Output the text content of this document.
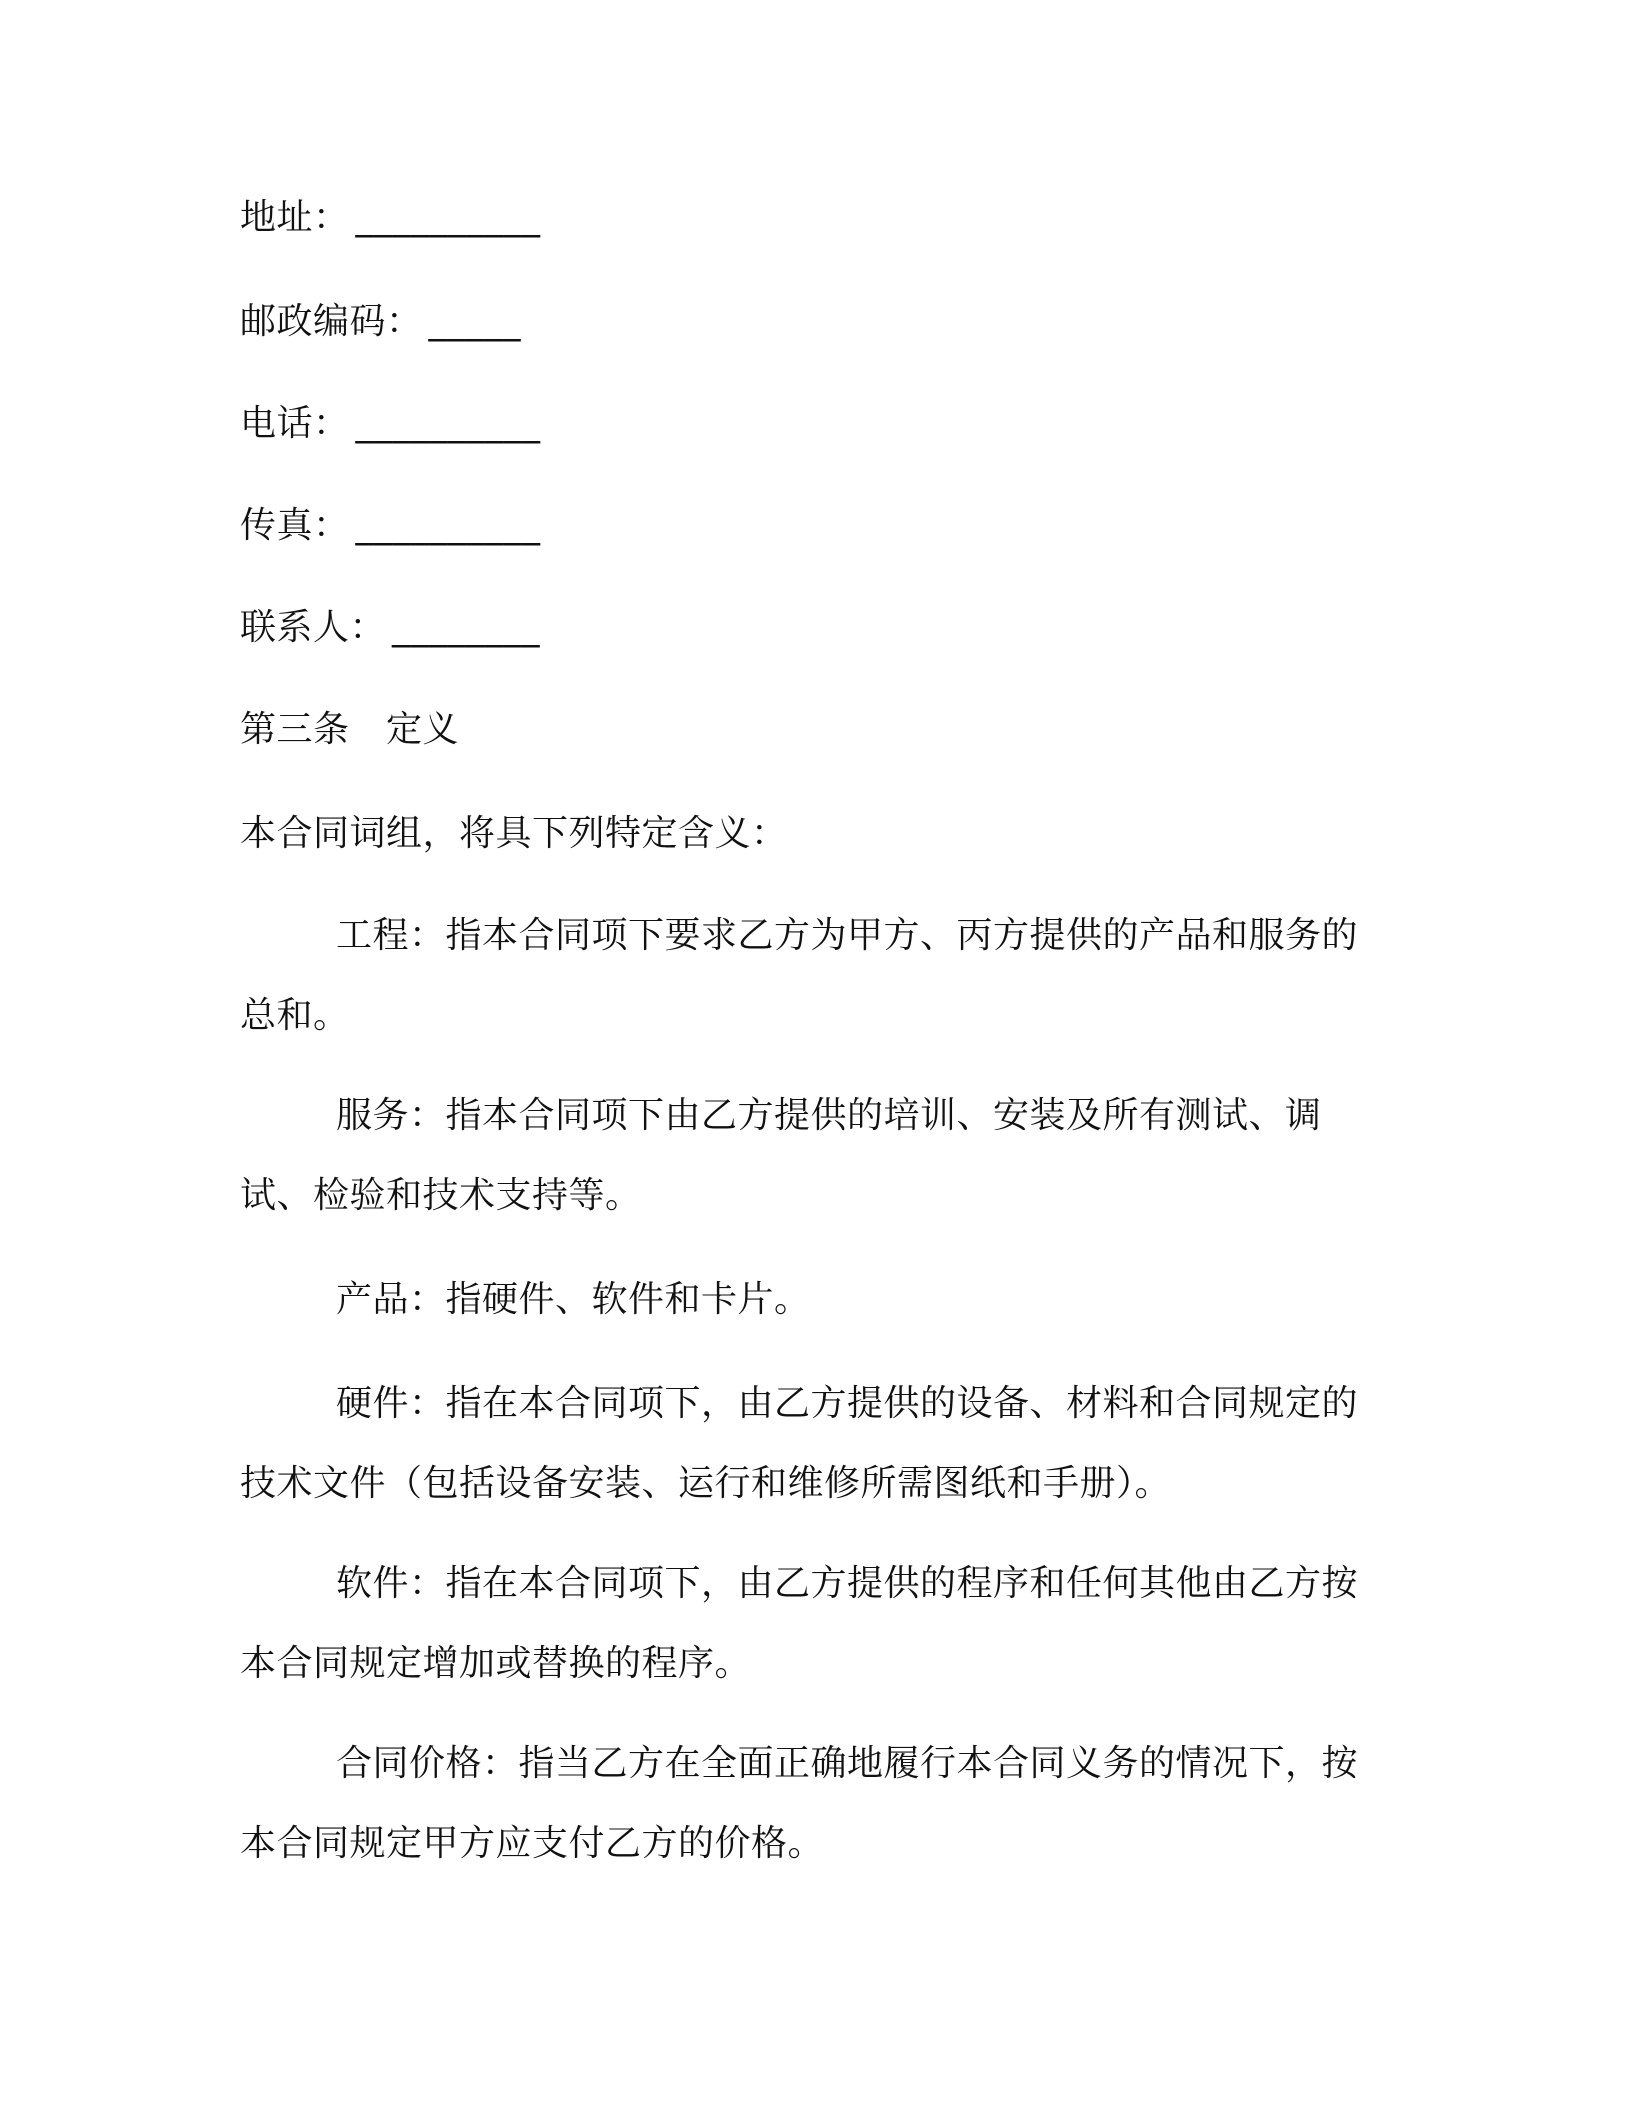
地址： __________
邮政编码： _____
电话： __________
传真： __________
联系人： ________
第三条　定义
本合同词组，将具下列特定含义：
工程：指本合同项下要求乙方为甲方、丙方提供的产品和服务的总和。
服务：指本合同项下由乙方提供的培训、安装及所有测试、调试、检验和技术支持等。
产品：指硬件、软件和卡片。
硬件：指在本合同项下，由乙方提供的设备、材料和合同规定的技术文件（包括设备安装、运行和维修所需图纸和手册）。
软件：指在本合同项下，由乙方提供的程序和任何其他由乙方按本合同规定增加或替换的程序。
合同价格：指当乙方在全面正确地履行本合同义务的情况下，按本合同规定甲方应支付乙方的价格。
